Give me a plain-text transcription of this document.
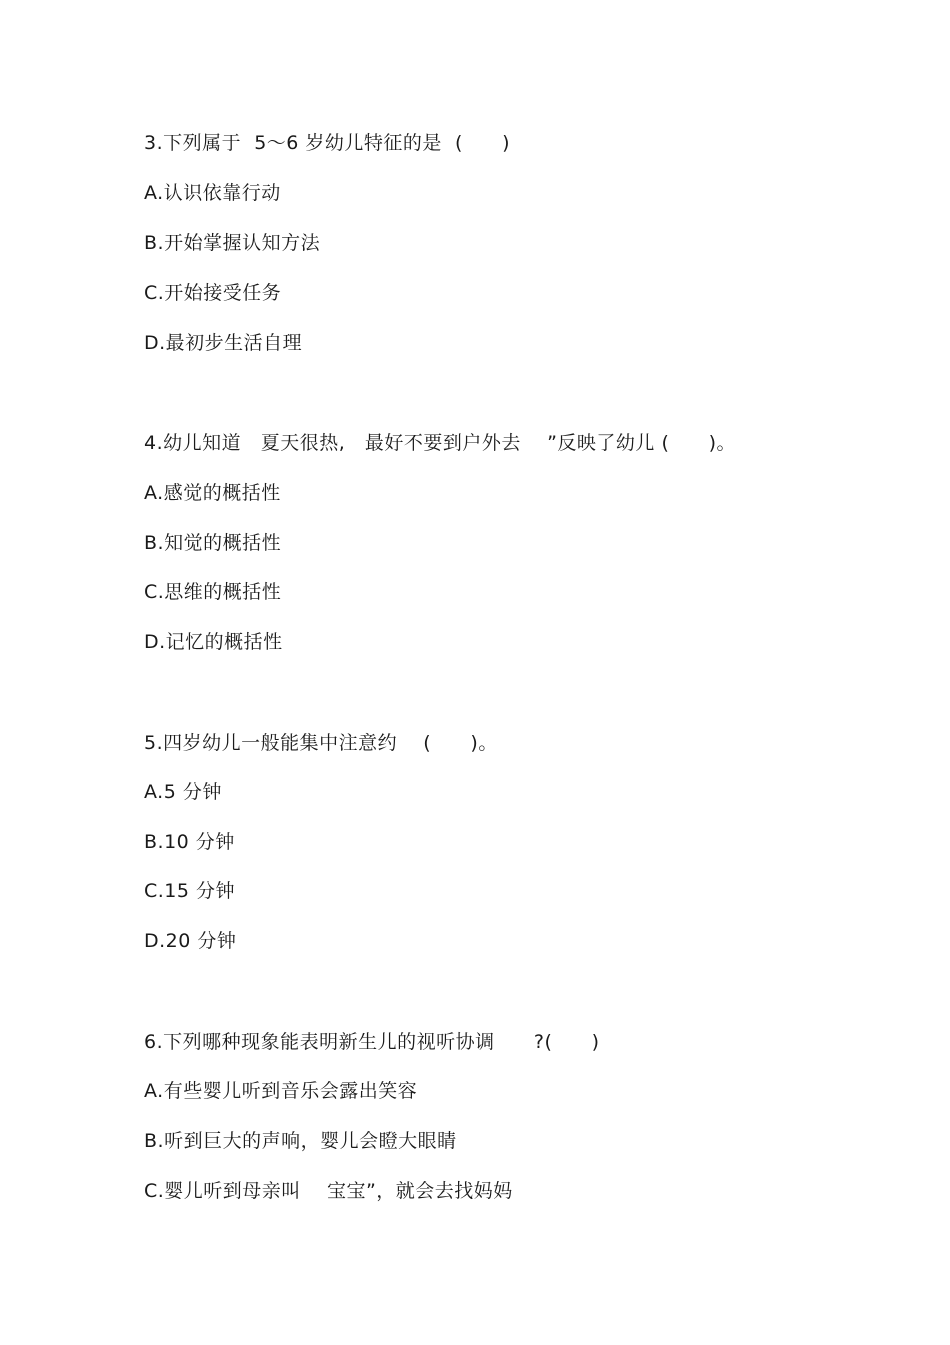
3.下列属于  5～6 岁幼儿特征的是  (      )
A.认识依靠行动
B.开始掌握认知方法
C.开始接受任务
D.最初步生活自理
4.幼儿知道   夏天很热,   最好不要到户外去    ”反映了幼儿 (      )。
A.感觉的概括性
B.知觉的概括性
C.思维的概括性
D.记忆的概括性
5.四岁幼儿一般能集中注意约    (      )。
A.5 分钟
B.10 分钟
C.15 分钟
D.20 分钟
6.下列哪种现象能表明新生儿的视听协调      ?(      )
A.有些婴儿听到音乐会露出笑容
B.听到巨大的声响，婴儿会瞪大眼睛
C.婴儿听到母亲叫    宝宝”，就会去找妈妈
